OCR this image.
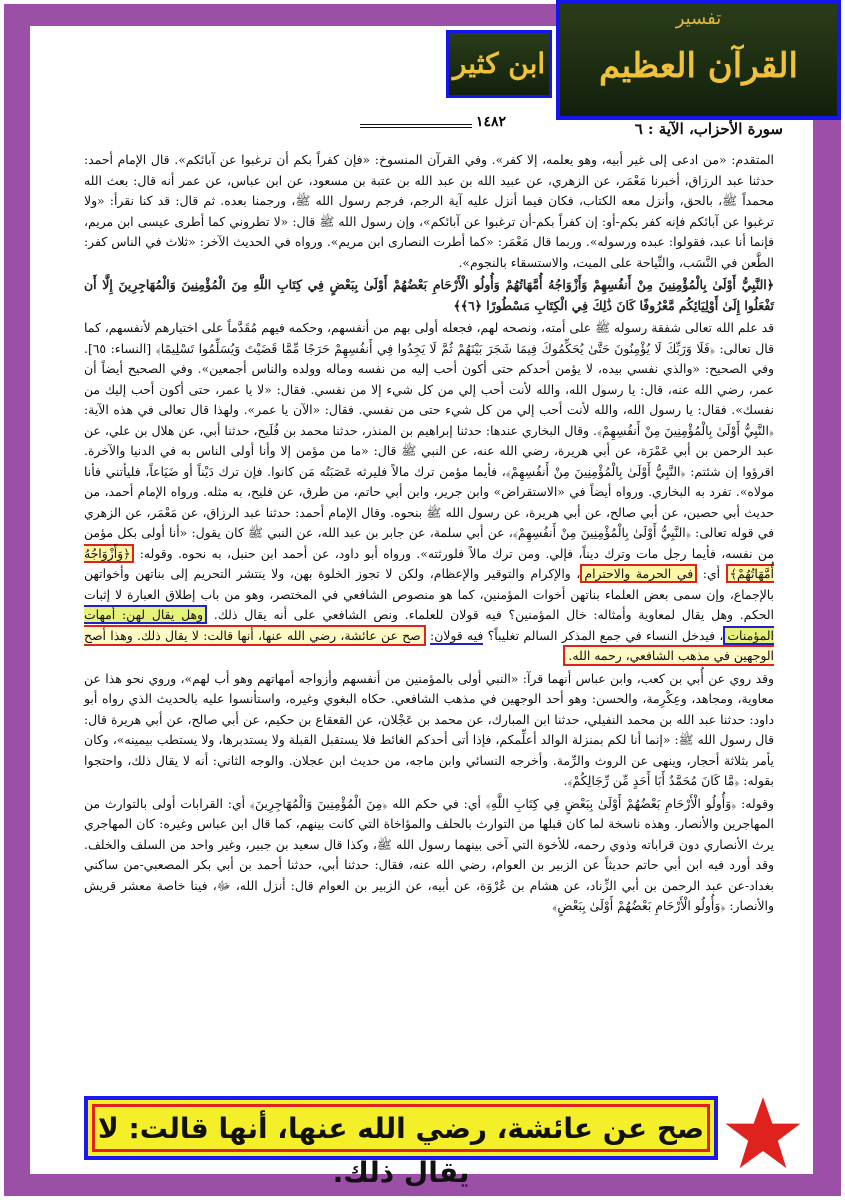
ابن كثير
تفسير
القرآن العظيم
سورة الأحزاب، الآية : ٦
١٤٨٢

المتقدم: «من ادعى إلى غير أبيه، وهو يعلمه، إلا كفر». وفي القرآن المنسوخ: «فإن كفراً بكم أن ترغبوا عن آبائكم». قال الإمام أحمد: حدثنا عبد الرزاق، أخبرنا مَعْمَر، عن الزهري، عن عبيد الله بن عبد الله بن عتبة بن مسعود، عن ابن عباس، عن عمر أنه قال: بعث الله محمداً ﷺ، بالحق، وأنزل معه الكتاب، فكان فيما أنزل عليه آية الرجم، فرجم رسول الله ﷺ، ورجمنا بعده. ثم قال: قد كنا نقرأ: «ولا ترغبوا عن آبائكم فإنه كفر بكم-أو: إن كفراً بكم-أن ترغبوا عن آبائكم»، وإن رسول الله ﷺ قال: «لا تطروني كما أطرى عيسى ابن مريم، فإنما أنا عبد، فقولوا: عبده ورسوله». وربما قال مَعْمَر: «كما أطرت النصارى ابن مريم». ورواه في الحديث الآخر: «ثلاث في الناس كفر: الطَّعن في النَّسَب، والنِّياحة على الميت، والاستسقاء بالنجوم».

﴿النَّبِيُّ أَوْلَىٰ بِالْمُؤْمِنِينَ مِنْ أَنفُسِهِمْ وَأَزْوَاجُهُ أُمَّهَاتُهُمْ وَأُولُو الْأَرْحَامِ بَعْضُهُمْ أَوْلَىٰ بِبَعْضٍ فِي كِتَابِ اللَّهِ مِنَ الْمُؤْمِنِينَ وَالْمُهَاجِرِينَ إِلَّا أَن تَفْعَلُوا إِلَىٰ أَوْلِيَائِكُم مَّعْرُوفًا كَانَ ذَٰلِكَ فِي الْكِتَابِ مَسْطُورًا ﴿٦﴾﴾

قد علم الله تعالى شفقة رسوله ﷺ على أمته، ونصحه لهم، فجعله أولى بهم من أنفسهم، وحكمه فيهم مُقَدَّماً على اختيارهم لأنفسهم، كما قال تعالى: ﴿فَلَا وَرَبِّكَ لَا يُؤْمِنُونَ حَتَّىٰ يُحَكِّمُوكَ فِيمَا شَجَرَ بَيْنَهُمْ ثُمَّ لَا يَجِدُوا فِي أَنفُسِهِمْ حَرَجًا مِّمَّا قَضَيْتَ وَيُسَلِّمُوا تَسْلِيمًا﴾ [النساء: ٦٥]. وفي الصحيح: «والذي نفسي بيده، لا يؤمن أحدكم حتى أكون أحب إليه من نفسه وماله وولده والناس أجمعين». وفي الصحيح أيضاً أن عمر، رضي الله عنه، قال: يا رسول الله، والله لأنت أحب إلي من كل شيء إلا من نفسي. فقال: «لا يا عمر، حتى أكون أحب إليك من نفسك». فقال: يا رسول الله، والله لأنت أحب إلي من كل شيء حتى من نفسي. فقال: «الآن يا عمر». ولهذا قال تعالى في هذه الآية: ﴿النَّبِيُّ أَوْلَىٰ بِالْمُؤْمِنِينَ مِنْ أَنفُسِهِمْ﴾. وقال البخاري عندها: حدثنا إبراهيم بن المنذر، حدثنا محمد بن فُلَيح، حدثنا أبي، عن هلال بن علي، عن عبد الرحمن بن أبي عَمْرَة، عن أبي هريرة، رضي الله عنه، عن النبي ﷺ قال: «ما من مؤمن إلا وأنا أولى الناس به في الدنيا والآخرة. اقرؤوا إن شئتم: ﴿النَّبِيُّ أَوْلَىٰ بِالْمُؤْمِنِينَ مِنْ أَنفُسِهِمْ﴾، فأيما مؤمن ترك مالاً فليرثه عَصَبَتُه مَن كانوا. فإن ترك دَيْناً أو ضَيَاعاً، فليأتني فأنا مولاه». تفرد به البخاري. ورواه أيضاً في «الاستقراض» وابن جرير، وابن أبي حاتم، من طرق، عن فليح، به مثله. ورواه الإمام أحمد، من حديث أبي حصين، عن أبي صالح، عن أبي هريرة، عن رسول الله ﷺ بنحوه. وقال الإمام أحمد: حدثنا عبد الرزاق، عن مَعْمَر، عن الزهري في قوله تعالى: ﴿النَّبِيُّ أَوْلَىٰ بِالْمُؤْمِنِينَ مِنْ أَنفُسِهِمْ﴾، عن أبي سلمة، عن جابر بن عبد الله، عن النبي ﷺ كان يقول: «أنا أولى بكل مؤمن من نفسه، فأيما رجل مات وترك ديناً، فإلي. ومن ترك مالاً فلورثته». ورواه أبو داود، عن أحمد ابن حنبل، به نحوه. وقوله: ﴿وَأَزْوَاجُهُ أُمَّهَاتُهُمْ﴾ أي: في الحرمة والاحترام، والإكرام والتوقير والإعظام، ولكن لا تجوز الخلوة بهن، ولا ينتشر التحريم إلى بناتهن وأخواتهن بالإجماع، وإن سمى بعض العلماء بناتهن أخوات المؤمنين، كما هو منصوص الشافعي في المختصر، وهو من باب إطلاق العبارة لا إثبات الحكم. وهل يقال لمعاوية وأمثاله: خال المؤمنين؟ فيه قولان للعلماء. ونص الشافعي على أنه يقال ذلك. وهل يقال لهن: أمهات المؤمنات، فيدخل النساء في جمع المذكر السالم تغليباً؟ فيه قولان: صح عن عائشة، رضي الله عنها، أنها قالت: لا يقال ذلك. وهذا أصح الوجهين في مذهب الشافعي، رحمه الله.

وقد روي عن أُبي بن كعب، وابن عباس أنهما قرآ: «النبي أولى بالمؤمنين من أنفسهم وأزواجه أمهاتهم وهو أب لهم»، وروي نحو هذا عن معاوية، ومجاهد، وعِكْرِمة، والحسن: وهو أحد الوجهين في مذهب الشافعي. حكاه البغوي وغيره، واستأنسوا عليه بالحديث الذي رواه أبو داود: حدثنا عبد الله بن محمد النفيلي، حدثنا ابن المبارك، عن محمد بن عَجْلان، عن القعقاع بن حكيم، عن أبي صالح، عن أبي هريرة قال: قال رسول الله ﷺ: «إنما أنا لكم بمنزلة الوالد أعلِّمكم، فإذا أتى أحدكم الغائط فلا يستقبل القبلة ولا يستدبرها، ولا يستطب بيمينه»، وكان يأمر بثلاثة أحجار، وينهى عن الروث والرِّمة. وأخرجه النسائي وابن ماجه، من حديث ابن عجلان. والوجه الثاني: أنه لا يقال ذلك، واحتجوا بقوله: ﴿مَّا كَانَ مُحَمَّدٌ أَبَا أَحَدٍ مِّن رِّجَالِكُمْ﴾.

وقوله: ﴿وَأُولُو الْأَرْحَامِ بَعْضُهُمْ أَوْلَىٰ بِبَعْضٍ فِي كِتَابِ اللَّهِ﴾ أي: في حكم الله ﴿مِنَ الْمُؤْمِنِينَ وَالْمُهَاجِرِينَ﴾ أي: القرابات أولى بالتوارث من المهاجرين والأنصار. وهذه ناسخة لما كان قبلها من التوارث بالحلف والمؤاخاة التي كانت بينهم، كما قال ابن عباس وغيره: كان المهاجري يرث الأنصاري دون قراباته وذوي رحمه، للأخوة التي آخى بينهما رسول الله ﷺ، وكذا قال سعيد بن جبير، وغير واحد من السلف والخلف. وقد أورد فيه ابن أبي حاتم حديثاً عن الزبير بن العوام، رضي الله عنه، فقال: حدثنا أبي، حدثنا أحمد بن أبي بكر المصعبي-من ساكني بغداد-عن عبد الرحمن بن أبي الزِّناد، عن هشام بن عُرْوَة، عن أبيه، عن الزبير بن العوام قال: أنزل الله، ﷻ، فينا خاصة معشر قريش والأنصار: ﴿وَأُولُو الْأَرْحَامِ بَعْضُهُمْ أَوْلَىٰ بِبَعْضٍ﴾

صح عن عائشة، رضي الله عنها، أنها قالت: لا يقال ذلك.
